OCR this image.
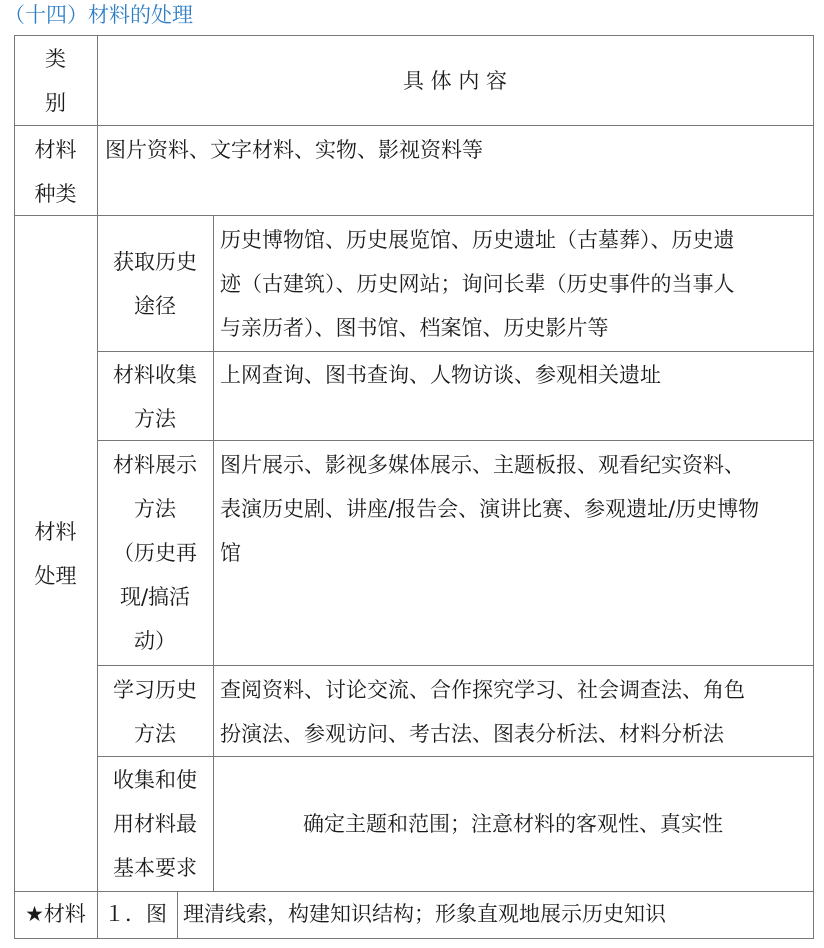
（十四）材料的处理
类
别
具 体 内 容
材料
种类
图片资料、文字材料、实物、影视资料等
材料
处理
获取历史
途径
历史博物馆、历史展览馆、历史遗址（古墓葬）、历史遗
迹（古建筑）、历史网站；询问长辈（历史事件的当事人
与亲历者）、图书馆、档案馆、历史影片等
材料收集
方法
上网查询、图书查询、人物访谈、参观相关遗址
材料展示
方法
（历史再
现/搞活
动）
图片展示、影视多媒体展示、主题板报、观看纪实资料、
表演历史剧、讲座/报告会、演讲比赛、参观遗址/历史博物
馆
学习历史
方法
查阅资料、讨论交流、合作探究学习、社会调查法、角色
扮演法、参观访问、考古法、图表分析法、材料分析法
收集和使
用材料最
基本要求
确定主题和范围；注意材料的客观性、真实性
★材料 １．图 理清线索，构建知识结构；形象直观地展示历史知识
